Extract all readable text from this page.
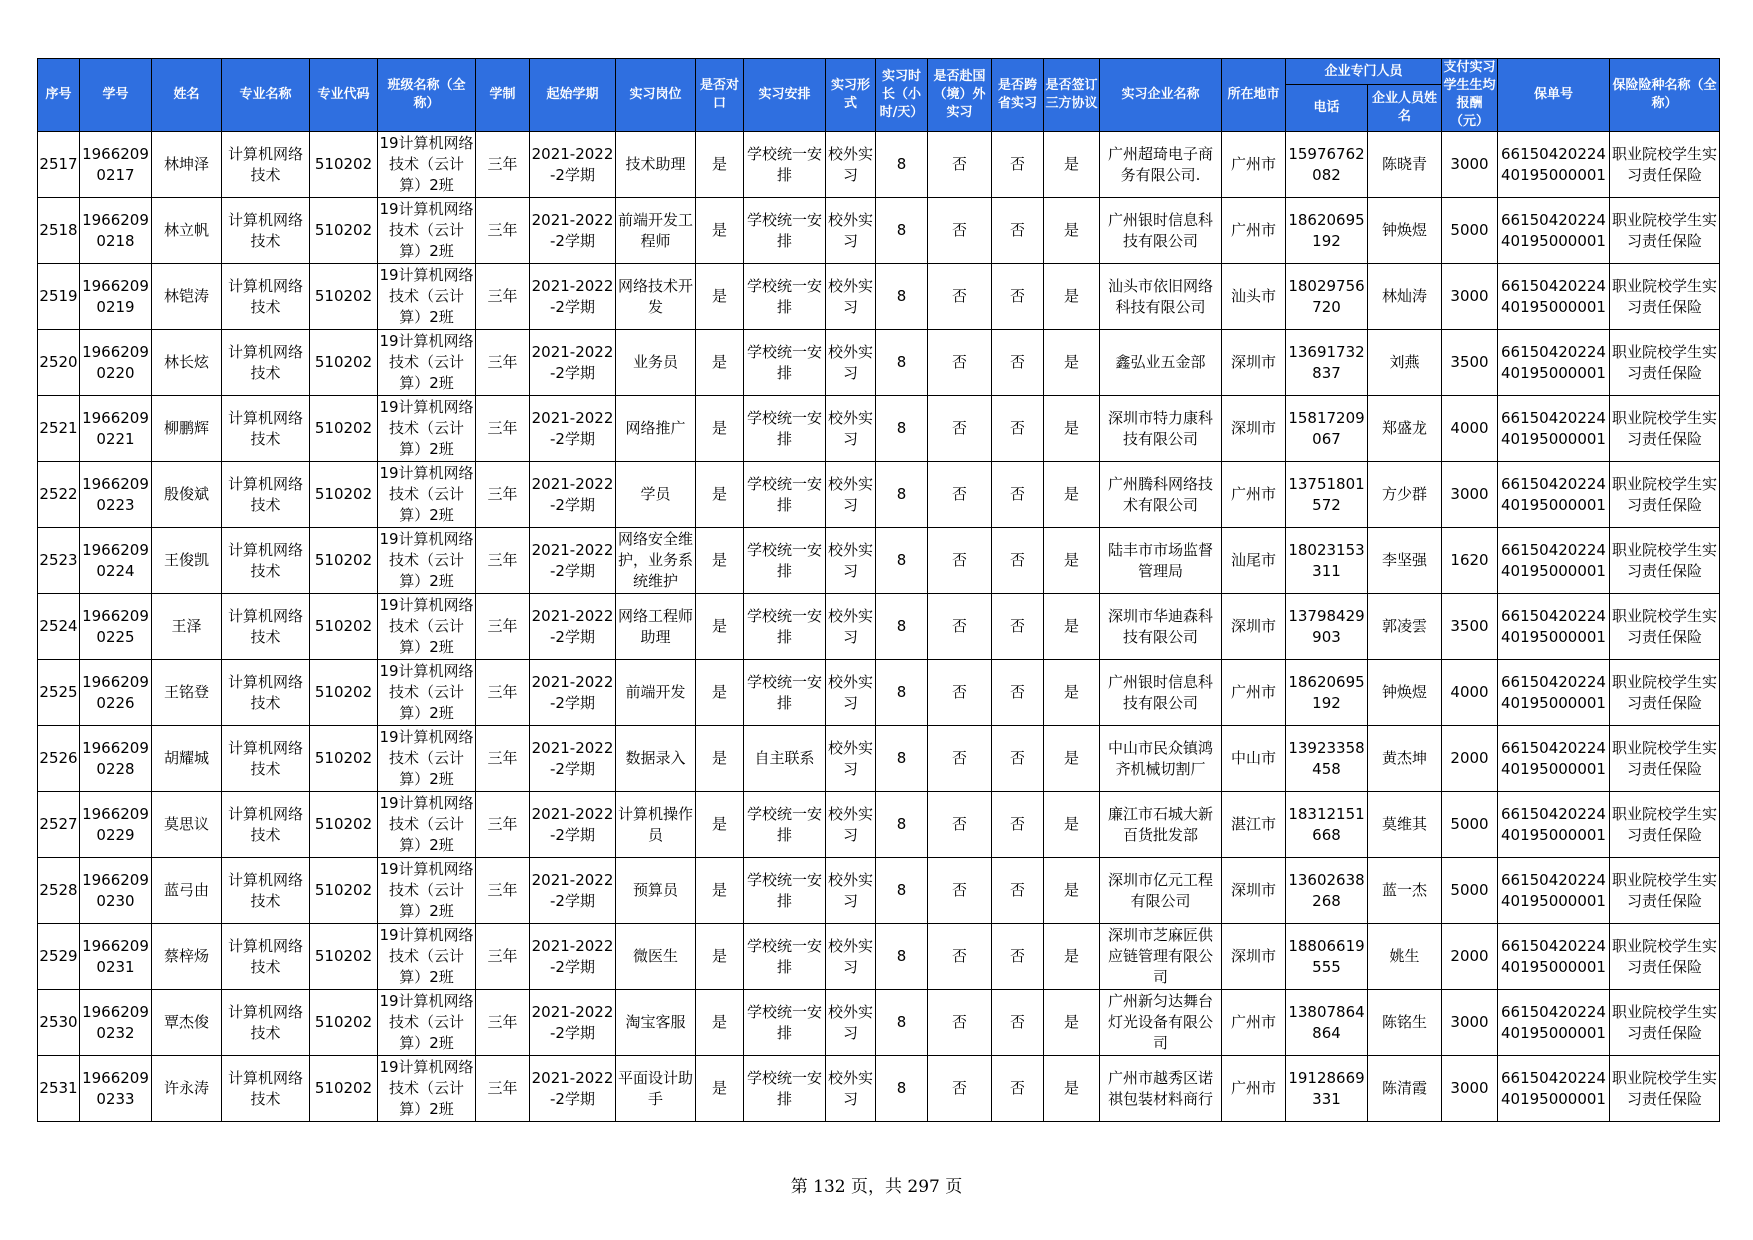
序号	学号	姓名	专业名称	专业代码	班级名称（全称）	学制	起始学期	实习岗位	是否对口	实习安排	实习形式	实习时长（小时/天）	是否赴国（境）外实习	是否跨省实习	是否签订三方协议	实习企业名称	所在地市	企业专门人员		支付实习学生生均报酬（元）	保单号	保险险种名称（全称）
																		电话	企业人员姓名			

2517	19662090217	林坤泽	计算机网络技术	510202	19计算机网络技术（云计算）2班	三年	2021-2022-2学期	技术助理	是	学校统一安排	校外实习	8	否	否	是	广州超琦电子商务有限公司.	广州市	15976762082	陈晓青	3000	6615042022440195000001	职业院校学生实习责任保险

2518	19662090218	林立帆	计算机网络技术	510202	19计算机网络技术（云计算）2班	三年	2021-2022-2学期	前端开发工程师	是	学校统一安排	校外实习	8	否	否	是	广州银时信息科技有限公司	广州市	18620695192	钟焕煜	5000	6615042022440195000001	职业院校学生实习责任保险

2519	19662090219	林铠涛	计算机网络技术	510202	19计算机网络技术（云计算）2班	三年	2021-2022-2学期	网络技术开发	是	学校统一安排	校外实习	8	否	否	是	汕头市依旧网络科技有限公司	汕头市	18029756720	林灿涛	3000	6615042022440195000001	职业院校学生实习责任保险

2520	19662090220	林长炫	计算机网络技术	510202	19计算机网络技术（云计算）2班	三年	2021-2022-2学期	业务员	是	学校统一安排	校外实习	8	否	否	是	鑫弘业五金部	深圳市	13691732837	刘燕	3500	6615042022440195000001	职业院校学生实习责任保险

2521	19662090221	柳鹏辉	计算机网络技术	510202	19计算机网络技术（云计算）2班	三年	2021-2022-2学期	网络推广	是	学校统一安排	校外实习	8	否	否	是	深圳市特力康科技有限公司	深圳市	15817209067	郑盛龙	4000	6615042022440195000001	职业院校学生实习责任保险

2522	19662090223	殷俊斌	计算机网络技术	510202	19计算机网络技术（云计算）2班	三年	2021-2022-2学期	学员	是	学校统一安排	校外实习	8	否	否	是	广州腾科网络技术有限公司	广州市	13751801572	方少群	3000	6615042022440195000001	职业院校学生实习责任保险

2523	19662090224	王俊凯	计算机网络技术	510202	19计算机网络技术（云计算）2班	三年	2021-2022-2学期	网络安全维护，业务系统维护	是	学校统一安排	校外实习	8	否	否	是	陆丰市市场监督管理局	汕尾市	18023153311	李坚强	1620	6615042022440195000001	职业院校学生实习责任保险

2524	19662090225	王泽	计算机网络技术	510202	19计算机网络技术（云计算）2班	三年	2021-2022-2学期	网络工程师助理	是	学校统一安排	校外实习	8	否	否	是	深圳市华迪森科技有限公司	深圳市	13798429903	郭凌雲	3500	6615042022440195000001	职业院校学生实习责任保险

2525	19662090226	王铭登	计算机网络技术	510202	19计算机网络技术（云计算）2班	三年	2021-2022-2学期	前端开发	是	学校统一安排	校外实习	8	否	否	是	广州银时信息科技有限公司	广州市	18620695192	钟焕煜	4000	6615042022440195000001	职业院校学生实习责任保险

2526	19662090228	胡耀城	计算机网络技术	510202	19计算机网络技术（云计算）2班	三年	2021-2022-2学期	数据录入	是	自主联系	校外实习	8	否	否	是	中山市民众镇鸿齐机械切割厂	中山市	13923358458	黄杰坤	2000	6615042022440195000001	职业院校学生实习责任保险

2527	19662090229	莫思议	计算机网络技术	510202	19计算机网络技术（云计算）2班	三年	2021-2022-2学期	计算机操作员	是	学校统一安排	校外实习	8	否	否	是	廉江市石城大新百货批发部	湛江市	18312151668	莫维其	5000	6615042022440195000001	职业院校学生实习责任保险

2528	19662090230	蓝弓由	计算机网络技术	510202	19计算机网络技术（云计算）2班	三年	2021-2022-2学期	预算员	是	学校统一安排	校外实习	8	否	否	是	深圳市亿元工程有限公司	深圳市	13602638268	蓝一杰	5000	6615042022440195000001	职业院校学生实习责任保险

2529	19662090231	蔡梓炀	计算机网络技术	510202	19计算机网络技术（云计算）2班	三年	2021-2022-2学期	微医生	是	学校统一安排	校外实习	8	否	否	是	深圳市芝麻匠供应链管理有限公司	深圳市	18806619555	姚生	2000	6615042022440195000001	职业院校学生实习责任保险

2530	19662090232	覃杰俊	计算机网络技术	510202	19计算机网络技术（云计算）2班	三年	2021-2022-2学期	淘宝客服	是	学校统一安排	校外实习	8	否	否	是	广州新匀达舞台灯光设备有限公司	广州市	13807864864	陈铭生	3000	6615042022440195000001	职业院校学生实习责任保险

2531	19662090233	许永涛	计算机网络技术	510202	19计算机网络技术（云计算）2班	三年	2021-2022-2学期	平面设计助手	是	学校统一安排	校外实习	8	否	否	是	广州市越秀区诺祺包装材料商行	广州市	19128669331	陈清霞	3000	6615042022440195000001	职业院校学生实习责任保险
第 132 页，共 297 页
